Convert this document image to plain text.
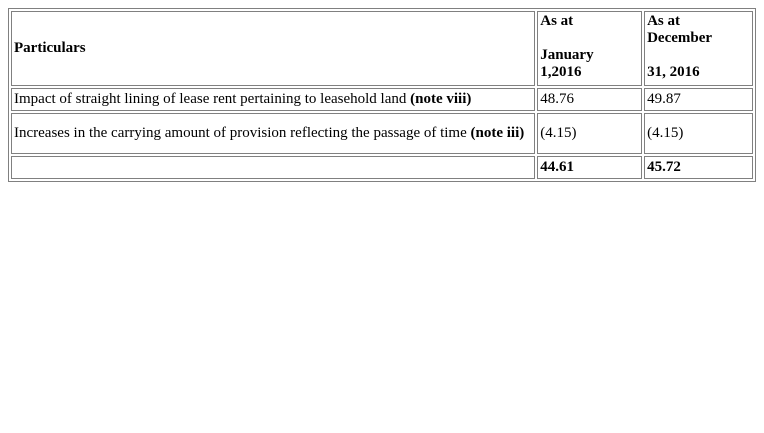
Particulars	As at
January
1,2016	As at
December
31, 2016

Impact of straight lining of lease rent pertaining to leasehold land (note viii)	48.76	49.87
Increases in the carrying amount of provision reflecting the passage of time (note iii)	(4.15)	(4.15)
	44.61	45.72
